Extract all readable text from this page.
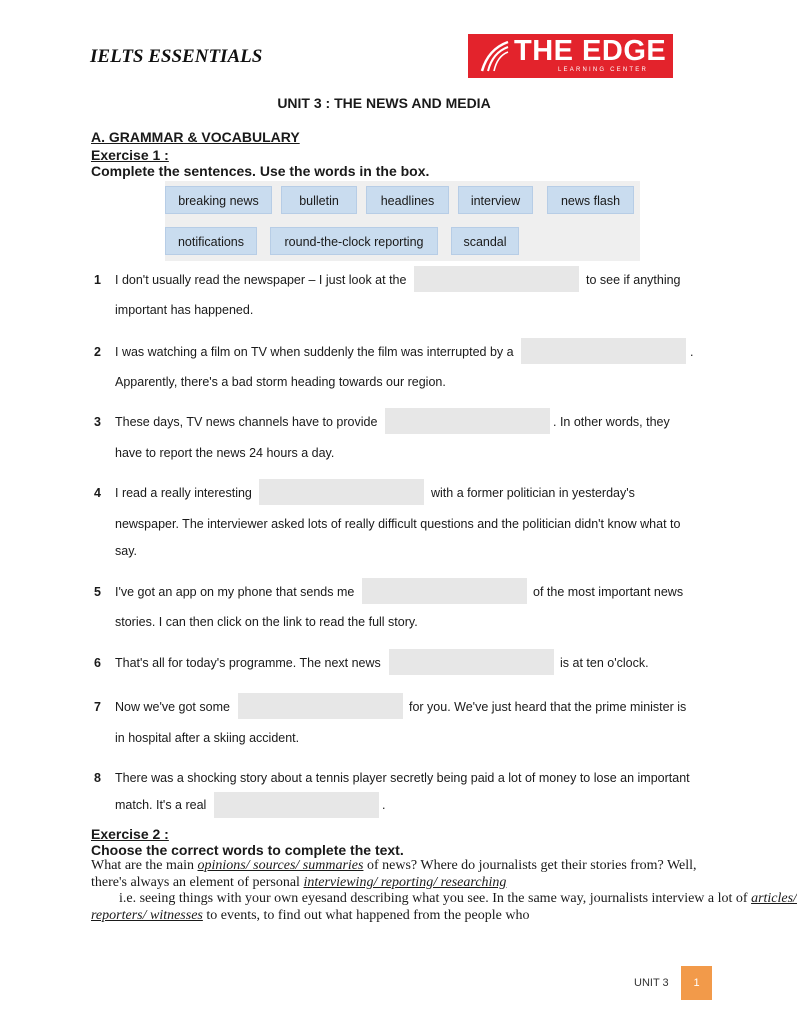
IELTS ESSENTIALS	THE EDGE
LEARNING CENTER
UNIT 3 : THE NEWS AND MEDIA
A. GRAMMAR & VOCABULARY
Exercise 1 :
Complete the sentences. Use the words in the box.
breaking news	bulletin	headlines	interview	news flash
notifications	round-the-clock reporting	scandal
1 I don't usually read the newspaper – I just look at the	to see if anything
important has happened.
2 I was watching a film on TV when suddenly the film was interrupted by a	.
Apparently, there's a bad storm heading towards our region.
3 These days, TV news channels have to provide	. In other words, they
have to report the news 24 hours a day.
4 I read a really interesting	with a former politician in yesterday's
newspaper. The interviewer asked lots of really difficult questions and the politician didn't know what to
say.
5 I've got an app on my phone that sends me	of the most important news
stories. I can then click on the link to read the full story.
6 That's all for today's programme. The next news	is at ten o'clock.
7 Now we've got some	for you. We've just heard that the prime minister is
in hospital after a skiing accident.
8 There was a shocking story about a tennis player secretly being paid a lot of money to lose an important
match. It's a real	.
Exercise 2 :
Choose the correct words to complete the text.
What are the main opinions/ sources/ summaries of news? Where do journalists get their stories from? Well, there's always an element of personal interviewing/ reporting/ researching        i.e. seeing things with your own eyesand describing what you see. In the same way, journalists interview a lot of articles/ reporters/ witnesses to events, to find out what happened from the people who
UNIT 3	1
